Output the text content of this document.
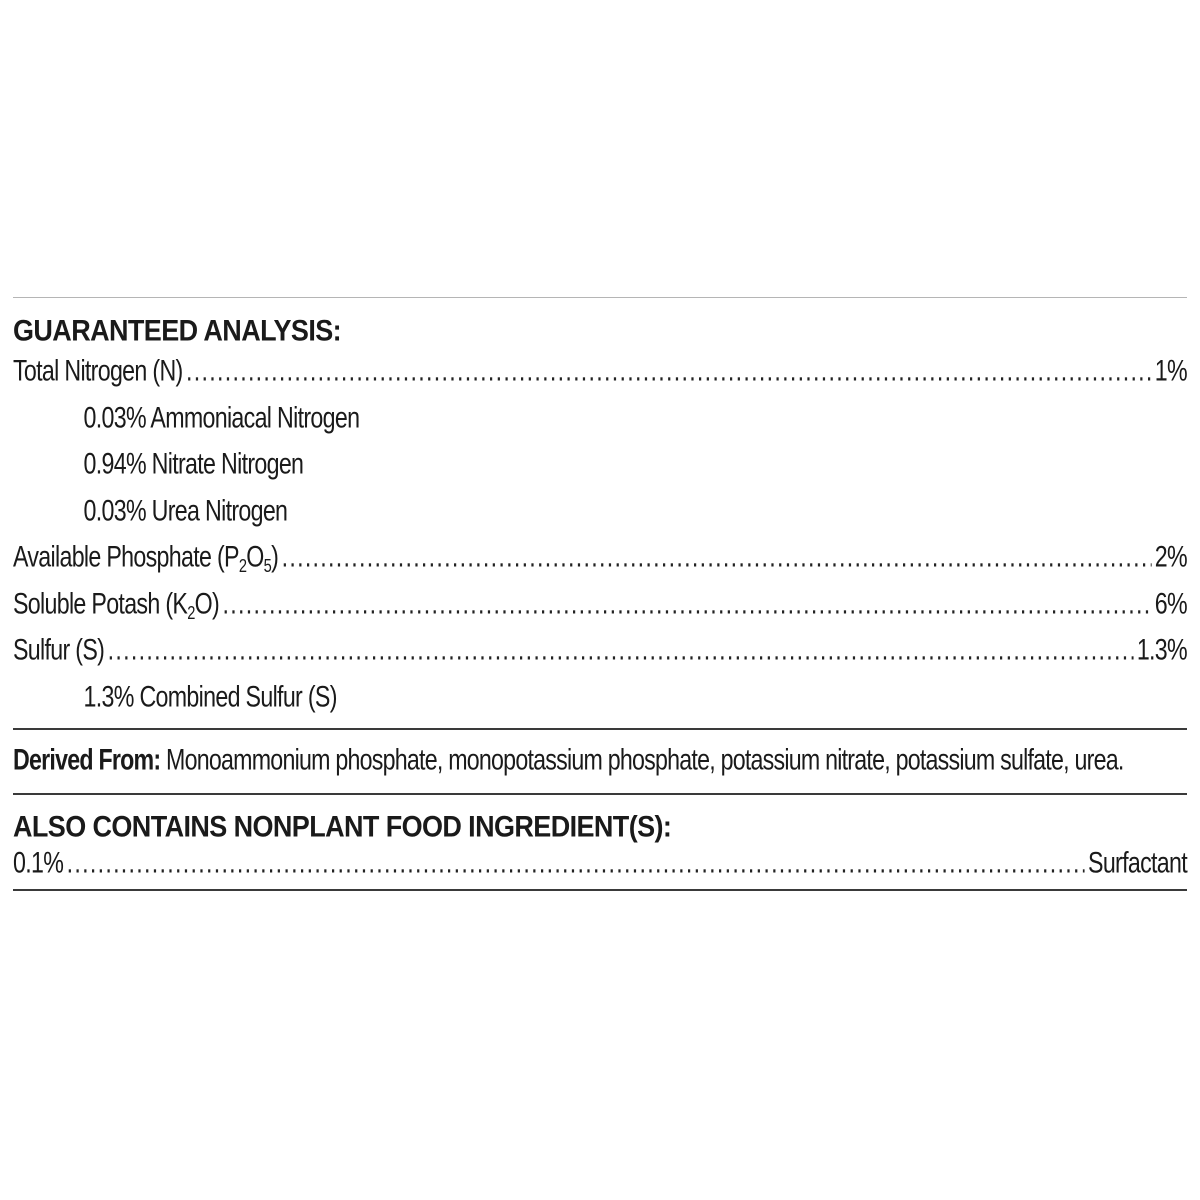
GUARANTEED ANALYSIS:
Total Nitrogen (N) .....	1%
0.03% Ammoniacal Nitrogen
0.94% Nitrate Nitrogen
0.03% Urea Nitrogen
Available Phosphate $(P_2O_5)$ .....	2%
Soluble Potash $(K_2O)$ .....	6%
Sulfur (S) .....	1.3%
1.3% Combined Sulfur (S)
Derived From: Monoammonium phosphate, monopotassium phosphate, potassium nitrate, potassium sulfate, urea.
ALSO CONTAINS NONPLANT FOOD INGREDIENT(S):
0.1% .....	Surfactant
